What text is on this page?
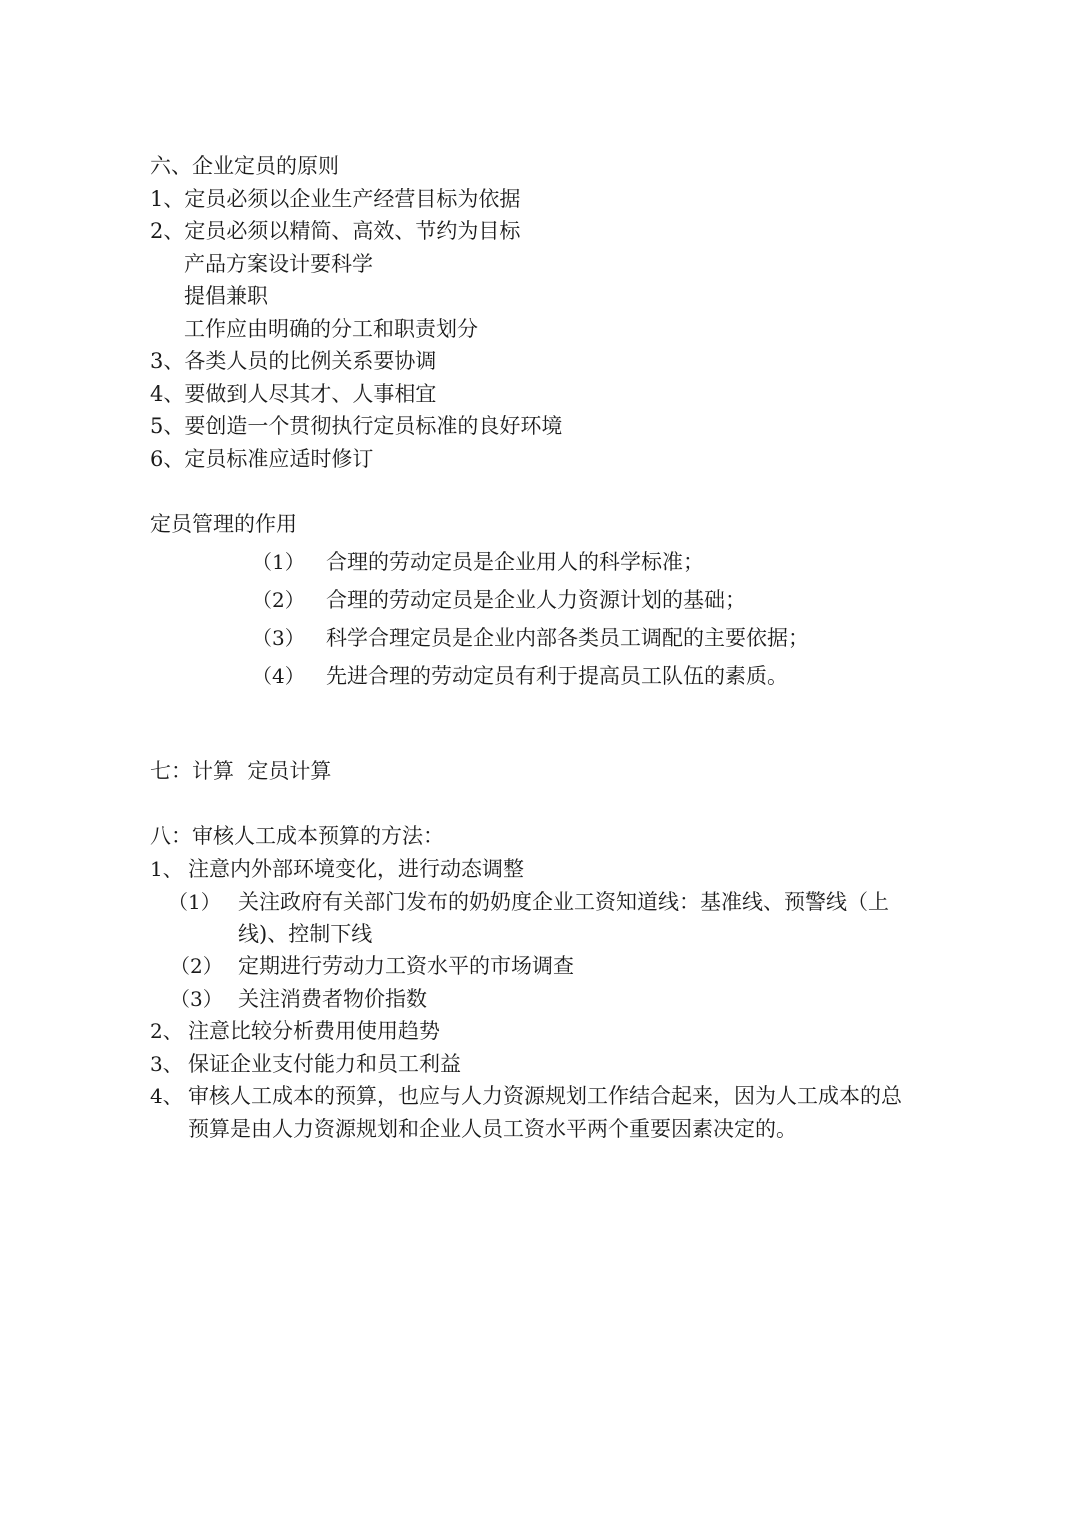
六、企业定员的原则
1、定员必须以企业生产经营目标为依据
2、定员必须以精简、高效、节约为目标
产品方案设计要科学
提倡兼职
工作应由明确的分工和职责划分
3、各类人员的比例关系要协调
4、要做到人尽其才、人事相宜
5、要创造一个贯彻执行定员标准的良好环境
6、定员标准应适时修订
定员管理的作用
（1） 合理的劳动定员是企业用人的科学标准；
（2） 合理的劳动定员是企业人力资源计划的基础；
（3） 科学合理定员是企业内部各类员工调配的主要依据；
（4） 先进合理的劳动定员有利于提高员工队伍的素质。
七：计算  定员计算
八：审核人工成本预算的方法：
1、 注意内外部环境变化，进行动态调整
（1） 关注政府有关部门发布的奶奶度企业工资知道线：基准线、预警线（上
线)、控制下线
（2） 定期进行劳动力工资水平的市场调查
（3） 关注消费者物价指数
2、 注意比较分析费用使用趋势
3、 保证企业支付能力和员工利益
4、 审核人工成本的预算，也应与人力资源规划工作结合起来，因为人工成本的总
预算是由人力资源规划和企业人员工资水平两个重要因素决定的。
